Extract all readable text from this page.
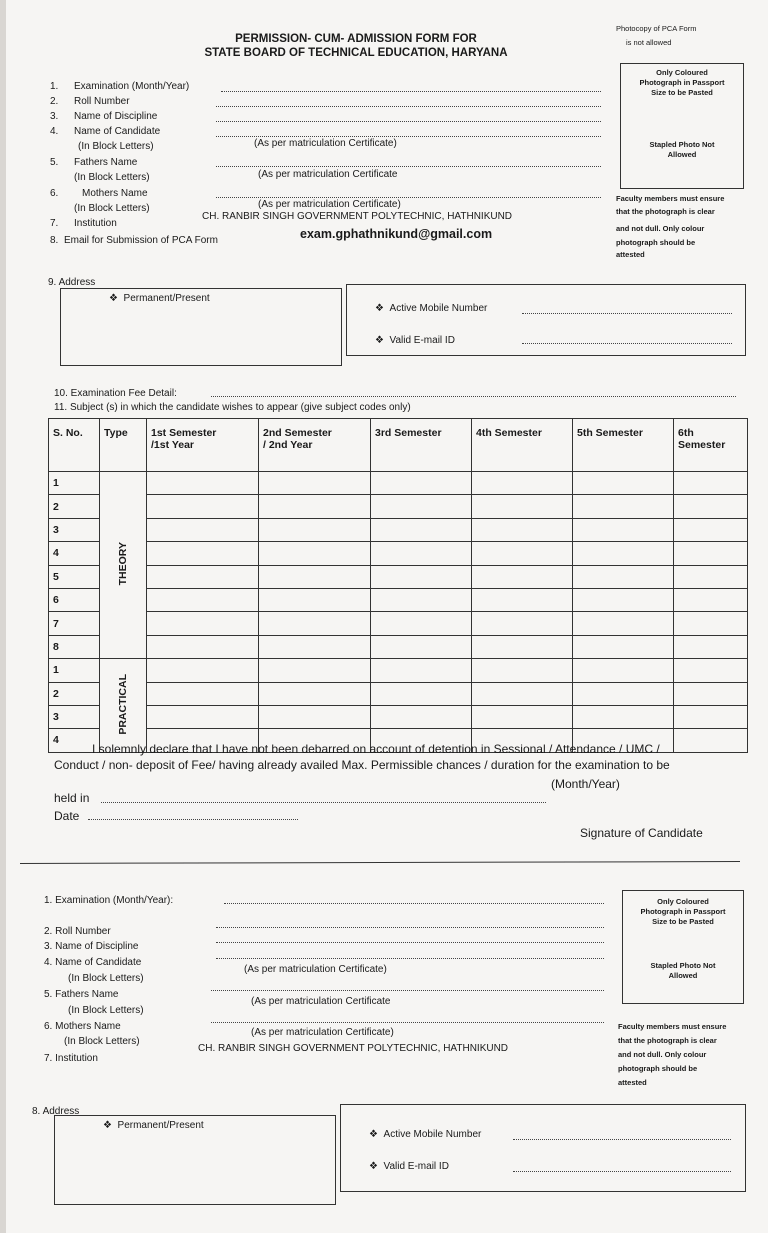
PERMISSION- CUM- ADMISSION FORM FOR
STATE BOARD OF TECHNICAL EDUCATION, HARYANA
Photocopy of PCA Form
is not allowed
1. Examination (Month/Year)
2. Roll Number
3. Name of Discipline
4. Name of Candidate
(In Block Letters)	(As per matriculation Certificate)
5. Fathers Name
(In Block Letters)	(As per matriculation Certificate
6. Mothers Name
(In Block Letters)	(As per matriculation Certificate)
7. Institution
CH. RANBIR SINGH GOVERNMENT POLYTECHNIC, HATHNIKUND
8. Email for Submission of PCA Form	exam.gphathnikund@gmail.com
Only Coloured
Photograph in Passport
Size to be Pasted
Stapled Photo Not
Allowed
Faculty members must ensure
that the photograph is clear
and not dull. Only colour
photograph should be
attested
9. Address
❖ Permanent/Present
❖ Active Mobile Number
❖ Valid E-mail ID
10. Examination Fee Detail:
11. Subject (s) in which the candidate wishes to appear (give subject codes only)
S. No.	Type	1st Semester
/1st Year	2nd Semester
/ 2nd Year	3rd Semester	4th Semester	5th Semester	6th Semester
1	THEORY						
2							
3							
4							
5							
6							
7							
8							
1	PRACTICAL						
2							
3							
4							
I solemnly declare that I have not been debarred on account of detention in Sessional / Attendance / UMC /
Conduct / non- deposit of Fee/ having already availed Max. Permissible chances / duration for the examination to be
held in
(Month/Year)
Date
Signature of Candidate
1. Examination (Month/Year):
2. Roll Number
3. Name of Discipline
4. Name of Candidate
(In Block Letters)
(As per matriculation Certificate)
5. Fathers Name
(In Block Letters)
(As per matriculation Certificate
6. Mothers Name
(In Block Letters)
(As per matriculation Certificate)
7. Institution
CH. RANBIR SINGH GOVERNMENT POLYTECHNIC, HATHNIKUND
Only Coloured
Photograph in Passport
Size to be Pasted
Stapled Photo Not
Allowed
Faculty members must ensure
that the photograph is clear
and not dull. Only colour
photograph should be
attested
8. Address
❖ Permanent/Present
❖ Active Mobile Number
❖ Valid E-mail ID
